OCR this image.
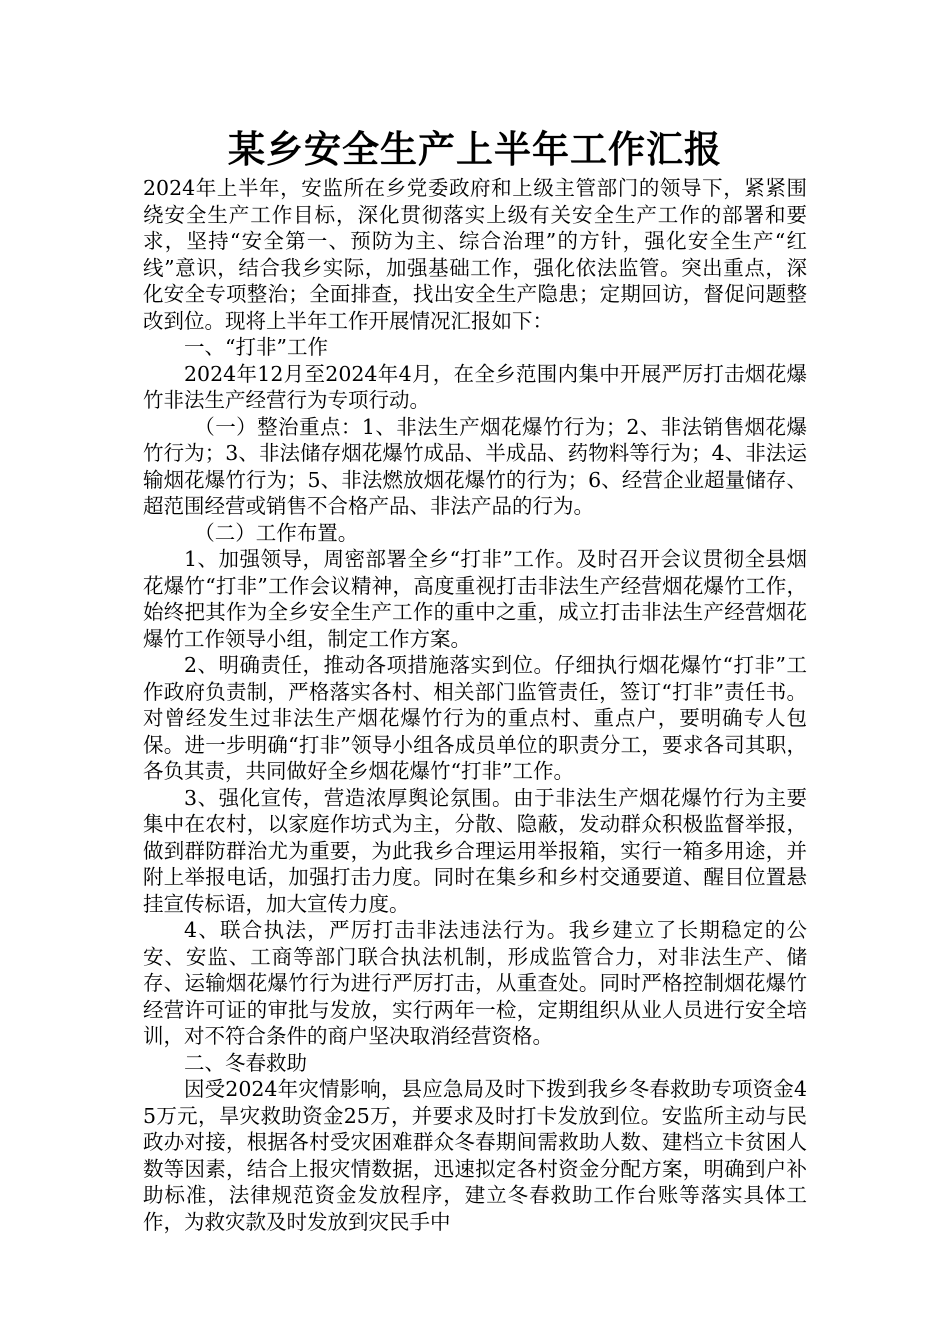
某乡安全生产上半年工作汇报

2024年上半年，安监所在乡党委政府和上级主管部门的领导下，紧紧围绕安全生产工作目标，深化贯彻落实上级有关安全生产工作的部署和要求，坚持“安全第一、预防为主、综合治理”的方针，强化安全生产“红线”意识，结合我乡实际，加强基础工作，强化依法监管。突出重点，深化安全专项整治；全面排查，找出安全生产隐患；定期回访，督促问题整改到位。现将上半年工作开展情况汇报如下：

一、“打非”工作

2024年12月至2024年4月，在全乡范围内集中开展严厉打击烟花爆竹非法生产经营行为专项行动。

（一）整治重点：1、非法生产烟花爆竹行为；2、非法销售烟花爆竹行为；3、非法储存烟花爆竹成品、半成品、药物料等行为；4、非法运输烟花爆竹行为；5、非法燃放烟花爆竹的行为；6、经营企业超量储存、超范围经营或销售不合格产品、非法产品的行为。

（二）工作布置。

1、加强领导，周密部署全乡“打非”工作。及时召开会议贯彻全县烟花爆竹“打非”工作会议精神，高度重视打击非法生产经营烟花爆竹工作，始终把其作为全乡安全生产工作的重中之重，成立打击非法生产经营烟花爆竹工作领导小组，制定工作方案。

2、明确责任，推动各项措施落实到位。仔细执行烟花爆竹“打非”工作政府负责制，严格落实各村、相关部门监管责任，签订“打非”责任书。对曾经发生过非法生产烟花爆竹行为的重点村、重点户，要明确专人包保。进一步明确“打非”领导小组各成员单位的职责分工，要求各司其职，各负其责，共同做好全乡烟花爆竹“打非”工作。

3、强化宣传，营造浓厚舆论氛围。由于非法生产烟花爆竹行为主要集中在农村，以家庭作坊式为主，分散、隐蔽，发动群众积极监督举报，做到群防群治尤为重要，为此我乡合理运用举报箱，实行一箱多用途，并附上举报电话，加强打击力度。同时在集乡和乡村交通要道、醒目位置悬挂宣传标语，加大宣传力度。

4、联合执法，严厉打击非法违法行为。我乡建立了长期稳定的公安、安监、工商等部门联合执法机制，形成监管合力，对非法生产、储存、运输烟花爆竹行为进行严厉打击，从重查处。同时严格控制烟花爆竹经营许可证的审批与发放，实行两年一检，定期组织从业人员进行安全培训，对不符合条件的商户坚决取消经营资格。

二、冬春救助

因受2024年灾情影响，县应急局及时下拨到我乡冬春救助专项资金45万元，旱灾救助资金25万，并要求及时打卡发放到位。安监所主动与民政办对接，根据各村受灾困难群众冬春期间需救助人数、建档立卡贫困人数等因素，结合上报灾情数据，迅速拟定各村资金分配方案，明确到户补助标准，法律规范资金发放程序，建立冬春救助工作台账等落实具体工作，为救灾款及时发放到灾民手中
